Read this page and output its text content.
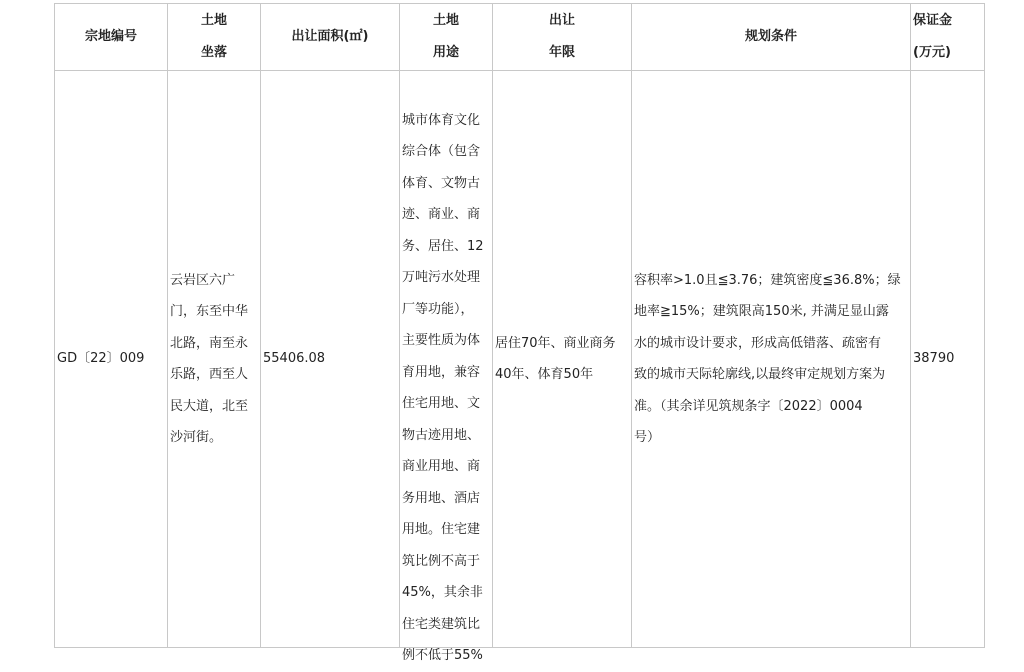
宗地编号
土地
坐落
出让面积(㎡)
土地
用途
出让
年限
规划条件
保证金
(万元)
GD〔22〕009
云岩区六广
门，东至中华
北路，南至永
乐路，西至人
民大道，北至
沙河街。
55406.08

城市体育文化
综合体（包含
体育、文物古
迹、商业、商
务、居住、12
万吨污水处理
厂等功能），
主要性质为体
育用地，兼容
住宅用地、文
物古迹用地、
商业用地、商
务用地、酒店
用地。住宅建
筑比例不高于
45%，其余非
住宅类建筑比
例不低于55%

居住70年、商业商务
40年、体育50年
容积率>1.0且≦3.76；建筑密度≦36.8%；绿
地率≧15%；建筑限高150米, 并满足显山露
水的城市设计要求，形成高低错落、疏密有
致的城市天际轮廓线,以最终审定规划方案为
准。（其余详见筑规条字〔2022〕0004
号）
38790
